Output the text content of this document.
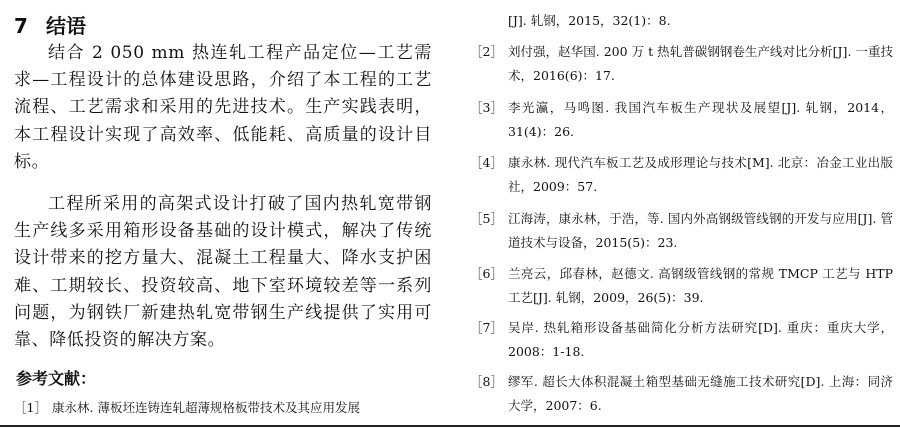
7 结语
结合 2 050 mm 热连轧工程产品定位—工艺需求—工程设计的总体建设思路，介绍了本工程的工艺流程、工艺需求和采用的先进技术。生产实践表明，本工程设计实现了高效率、低能耗、高质量的设计目标。
工程所采用的高架式设计打破了国内热轧宽带钢生产线多采用箱形设备基础的设计模式，解决了传统设计带来的挖方量大、混凝土工程量大、降水支护困难、工期较长、投资较高、地下室环境较差等一系列问题，为钢铁厂新建热轧宽带钢生产线提供了实用可靠、降低投资的解决方案。
参考文献：
［1］ 康永林. 薄板坯连铸连轧超薄规格板带技术及其应用发展
[J]. 轧钢，2015，32(1)：8.
［2］ 刘付强，赵华国. 200 万 t 热轧普碳钢钢卷生产线对比分析[J]. 一重技术，2016(6)：17.
［3］ 李光瀛，马鸣图. 我国汽车板生产现状及展望[J]. 轧钢，2014，31(4)：26.
［4］ 康永林. 现代汽车板工艺及成形理论与技术[M]. 北京：冶金工业出版社，2009：57.
［5］ 江海涛，康永林，于浩，等. 国内外高钢级管线钢的开发与应用[J]. 管道技术与设备，2015(5)：23.
［6］ 兰亮云，邱春林，赵德文. 高钢级管线钢的常规 TMCP 工艺与 HTP 工艺[J]. 轧钢，2009，26(5)：39.
［7］ 吴岸. 热轧箱形设备基础简化分析方法研究[D]. 重庆：重庆大学，2008：1-18.
［8］ 缪军. 超长大体积混凝土箱型基础无缝施工技术研究[D]. 上海：同济大学，2007：6.
